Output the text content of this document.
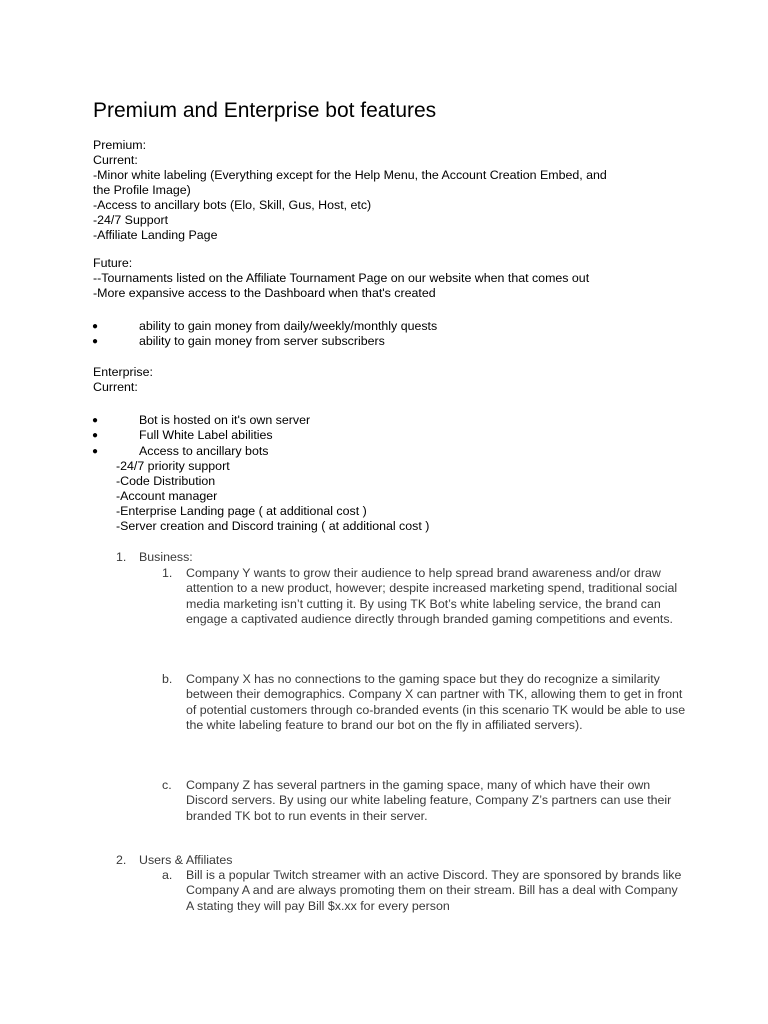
Premium and Enterprise bot features
Premium:
Current:
-Minor white labeling (Everything except for the Help Menu, the Account Creation Embed, and
the Profile Image)
-Access to ancillary bots (Elo, Skill, Gus, Host, etc)
-24/7 Support
-Affiliate Landing Page
Future:
--Tournaments listed on the Affiliate Tournament Page on our website when that comes out
-More expansive access to the Dashboard when that's created
●	ability to gain money from daily/weekly/monthly quests
●	ability to gain money from server subscribers
Enterprise:
Current:
●	Bot is hosted on it's own server
●	Full White Label abilities
●	Access to ancillary bots
-24/7 priority support
-Code Distribution
-Account manager
-Enterprise Landing page ( at additional cost )
-Server creation and Discord training ( at additional cost )
1. Business:
1. Company Y wants to grow their audience to help spread brand awareness and/or draw attention to a new product, however; despite increased marketing spend, traditional social media marketing isn’t cutting it. By using TK Bot’s white labeling service, the brand can engage a captivated audience directly through branded gaming competitions and events.
b. Company X has no connections to the gaming space but they do recognize a similarity between their demographics. Company X can partner with TK, allowing them to get in front of potential customers through co-branded events (in this scenario TK would be able to use the white labeling feature to brand our bot on the fly in affiliated servers).
c. Company Z has several partners in the gaming space, many of which have their own Discord servers. By using our white labeling feature, Company Z’s partners can use their branded TK bot to run events in their server.
2. Users & Affiliates
a. Bill is a popular Twitch streamer with an active Discord. They are sponsored by brands like Company A and are always promoting them on their stream. Bill has a deal with Company A stating they will pay Bill $x.xx for every person
